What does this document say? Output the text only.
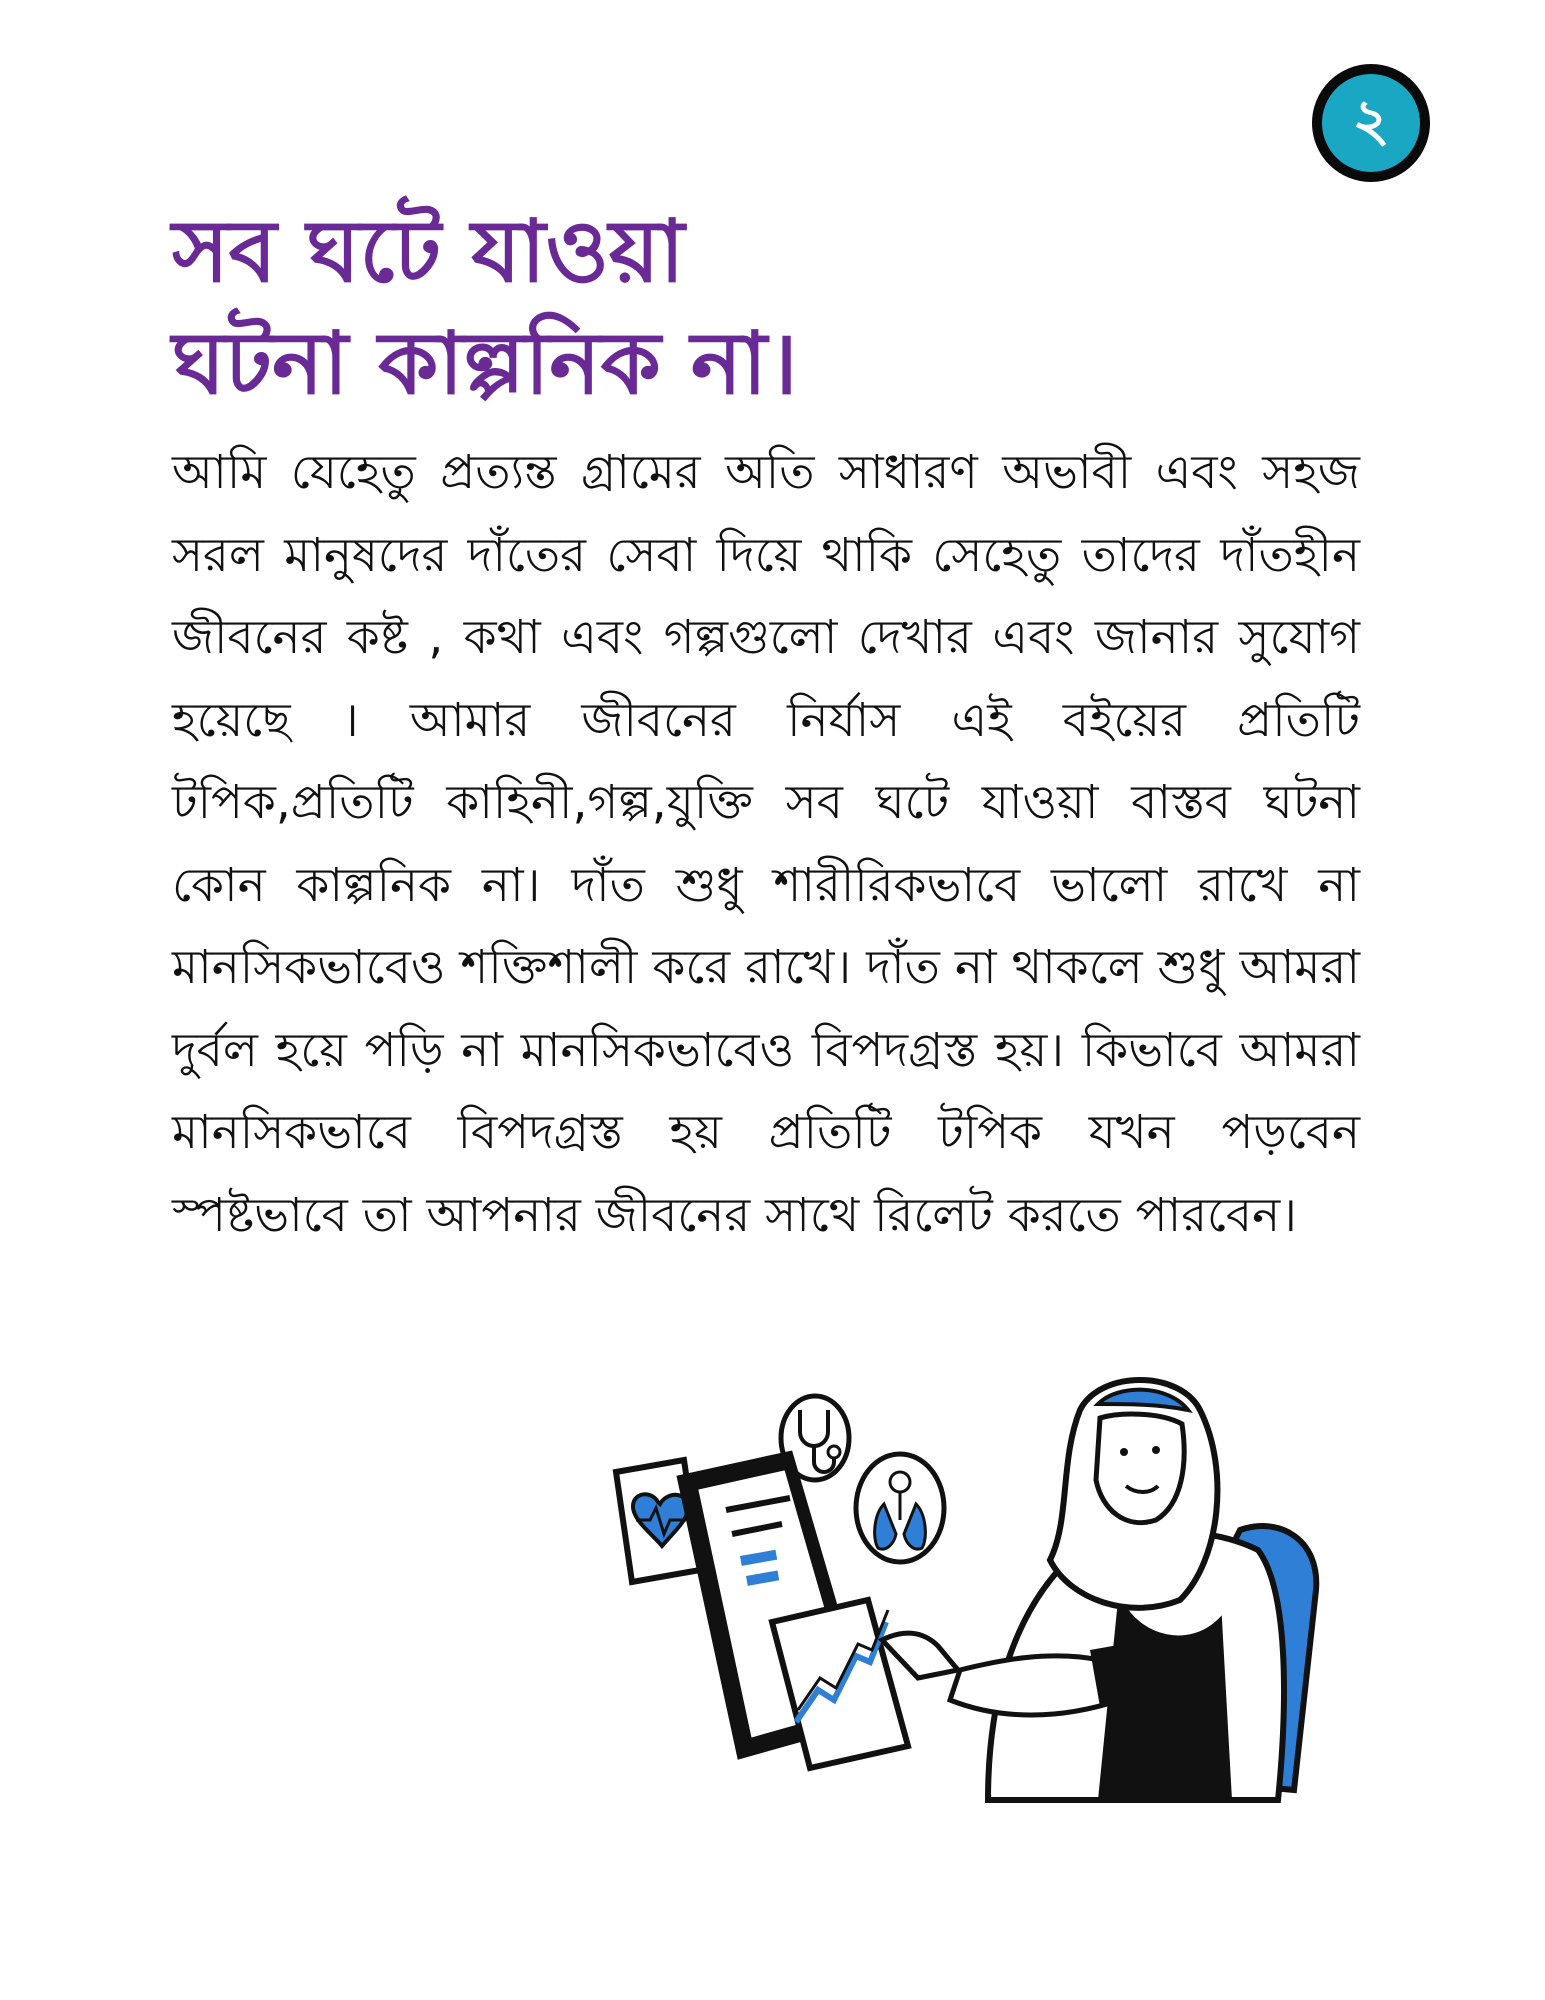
২
সব ঘটে যাওয়া
ঘটনা কাল্পনিক না।

আমি যেহেতু প্রত্যন্ত গ্রামের অতি সাধারণ অভাবী এবং সহজ সরল মানুষদের দাঁতের সেবা দিয়ে থাকি সেহেতু তাদের দাঁতহীন জীবনের কষ্ট , কথা এবং গল্পগুলো দেখার এবং জানার সুযোগ হয়েছে । আমার জীবনের নির্যাস এই বইয়ের প্রতিটি টপিক,প্রতিটি কাহিনী,গল্প,যুক্তি সব ঘটে যাওয়া বাস্তব ঘটনা কোন কাল্পনিক না। দাঁত শুধু শারীরিকভাবে ভালো রাখে না মানসিকভাবেও শক্তিশালী করে রাখে। দাঁত না থাকলে শুধু আমরা দুর্বল হয়ে পড়ি না মানসিকভাবেও বিপদগ্রস্ত হয়। কিভাবে আমরা মানসিকভাবে বিপদগ্রস্ত হয় প্রতিটি টপিক যখন পড়বেন স্পষ্টভাবে তা আপনার জীবনের সাথে রিলেট করতে পারবেন।
